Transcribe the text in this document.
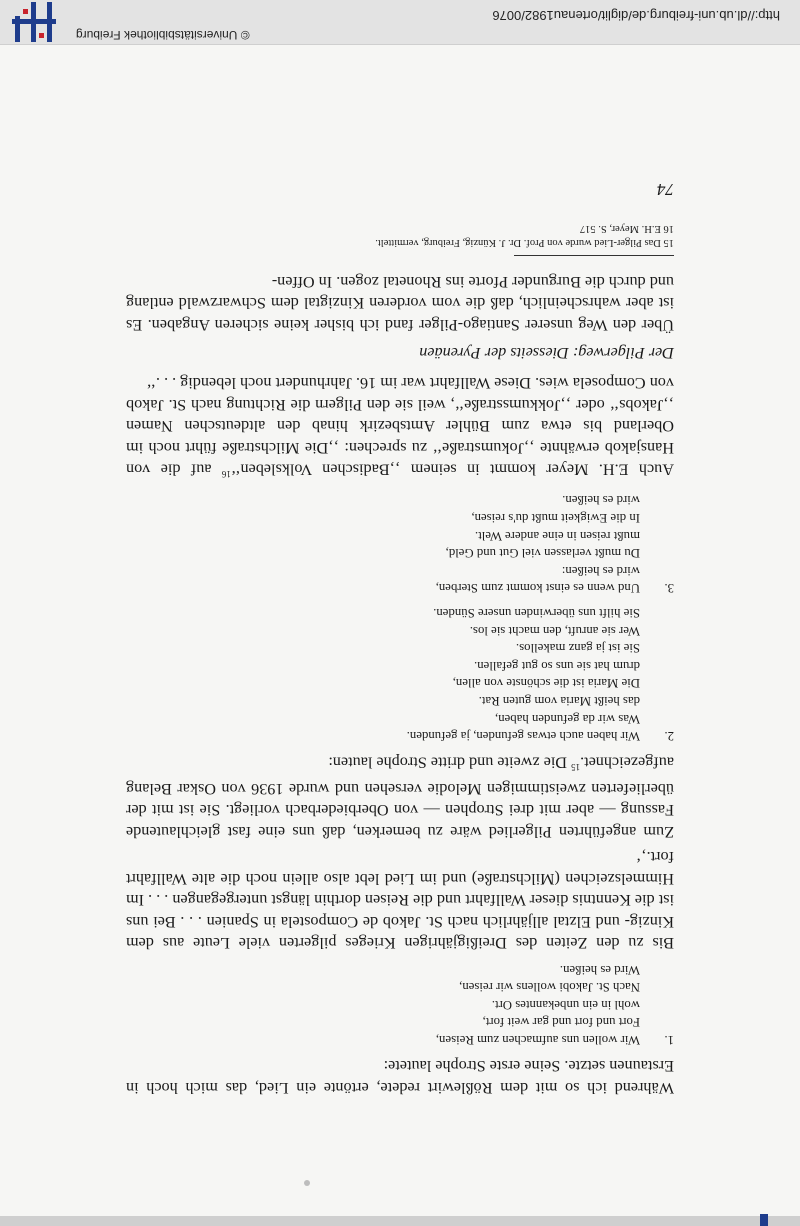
Während ich so mit dem Rößlewirt redete, ertönte ein Lied, das mich hoch in Erstaunen setzte. Seine erste Strophe lautete:

1.
Wir wollen uns aufmachen zum Reisen,
Fort und fort und gar weit fort,
wohl in ein unbekanntes Ort.
Nach St. Jakobi wollens wir reisen,
Wird es heißen.

Bis zu den Zeiten des Dreißigjährigen Krieges pilgerten viele Leute aus dem Kinzig- und Elztal alljährlich nach St. Jakob de Compostela in Spanien . . . Bei uns ist die Kenntnis dieser Wallfahrt und die Reisen dorthin längst untergegangen . . . Im Himmelszeichen (Milchstraße) und im Lied lebt also allein noch die alte Wallfahrt fort.‚‘

Zum angeführten Pilgerlied wäre zu bemerken, daß uns eine fast gleichlautende Fassung — aber mit drei Strophen — von Oberbiederbach vorliegt. Sie ist mit der überlieferten zweistimmigen Melodie versehen und wurde 1936 von Oskar Belang aufgezeichnet.$^{15}$ Die zweite und dritte Strophe lauten:

2.
Wir haben auch etwas gefunden, ja gefunden.
Was wir da gefunden haben,
das heißt Maria vom guten Rat.
Die Maria ist die schönste von allen,
drum hat sie uns so gut gefallen.
Sie ist ja ganz makellos.
Wer sie anruft, den macht sie los.
Sie hilft uns überwinden unsere Sünden.
3.
Und wenn es einst kommt zum Sterben,
wird es heißen:
Du mußt verlassen viel Gut und Geld,
mußt reisen in eine andere Welt.
In die Ewigkeit mußt du's reisen,
wird es heißen.

Auch E.H. Meyer kommt in seinem ‚‚Badischen Volksleben‘‘$^{16}$ auf die von Hansjakob erwähnte ‚‚Jokumstraße‘‘ zu sprechen: ‚‚Die Milchstraße führt noch im Oberland bis etwa zum Bühler Amtsbezirk hinab den altdeutschen Namen ‚‚Jakobs‘‘ oder ‚‚Jokkumsstraße‘‘, weil sie den Pilgern die Richtung nach St. Jakob von Composela wies. Diese Wallfahrt war im 16. Jahrhundert noch lebendig . . .‘‘

Der Pilgerweg: Diesseits der Pyrenäen

Über den Weg unserer Santiago-Pilger fand ich bisher keine sicheren Angaben. Es ist aber wahrscheinlich, daß die vom vorderen Kinzigtal dem Schwarzwald entlang und durch die Burgunder Pforte ins Rhonetal zogen. In Offen-

15 Das Pilger-Lied wurde von Prof. Dr. J. Künzig, Freiburg, vermittelt.
16 E.H. Meyer, S. 517
74
© Universitätsbibliothek Freiburg
http://dl.ub.uni-freiburg.de/diglit/ortenau1982/0076
